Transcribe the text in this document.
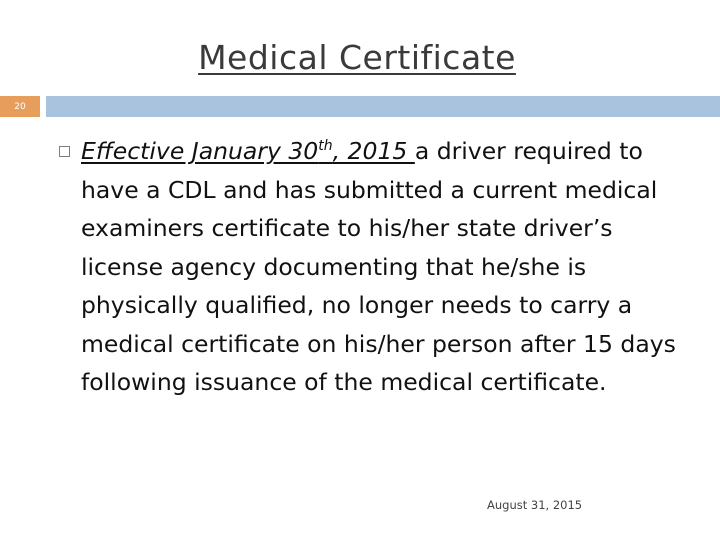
Medical Certificate
20
Effective January 30th, 2015 a driver required to have a CDL and has submitted a current medical examiners certificate to his/her state driver’s license agency documenting that he/she is physically qualified, no longer needs to carry a medical certificate on his/her person after 15 days following issuance of the medical certificate.
August 31, 2015
